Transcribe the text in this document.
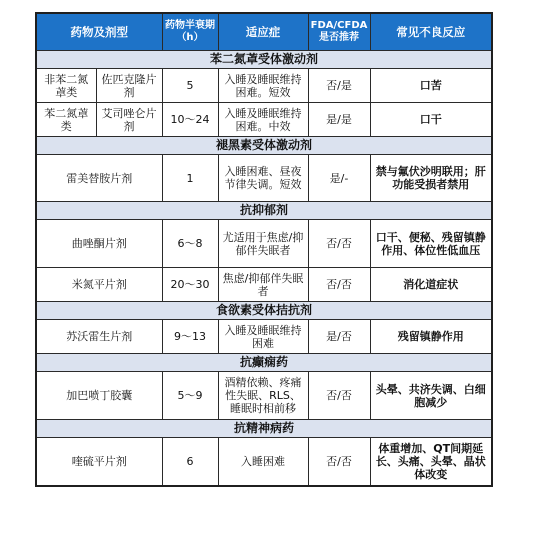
药物及剂型		药物半衰期（h）	适应症	FDA/CFDA是否推荐	常见不良反应
苯二氮䓬受体激动剂					
非苯二氮䓬类	佐匹克隆片剂	5	入睡及睡眠维持困难。短效	否/是	口苦
苯二氮䓬类	艾司唑仑片剂	10～24	入睡及睡眠维持困难。中效	是/是	口干
褪黑素受体激动剂					
雷美替胺片剂		1	入睡困难、昼夜节律失调。短效	是/-	禁与氟伏沙明联用；肝功能受损者禁用
抗抑郁剂					
曲唑酮片剂		6～8	尤适用于焦虑/抑郁伴失眠者	否/否	口干、便秘、残留镇静作用、体位性低血压
米氮平片剂		20～30	焦虑/抑郁伴失眠者	否/否	消化道症状
食欲素受体拮抗剂					
苏沃雷生片剂		9～13	入睡及睡眠维持困难	是/否	残留镇静作用
抗癫痫药					
加巴喷丁胶囊		5～9	酒精依赖、疼痛性失眠、RLS、睡眠时相前移	否/否	头晕、共济失调、白细胞减少
抗精神病药					
喹硫平片剂		6	入睡困难	否/否	体重增加、QT间期延长、头痛、头晕、晶状体改变
